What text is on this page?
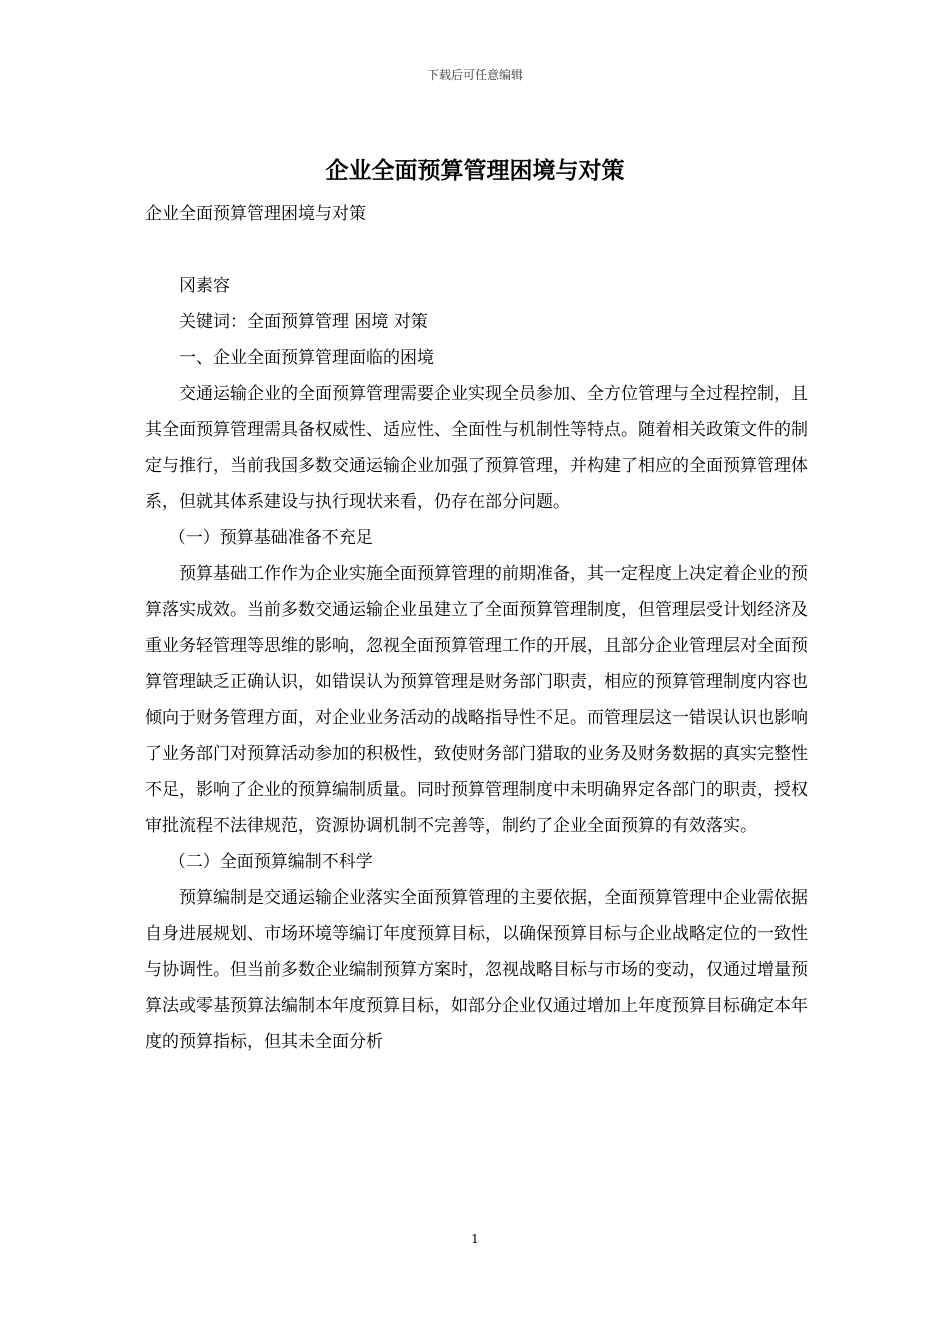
下载后可任意编辑
企业全面预算管理困境与对策

企业全面预算管理困境与对策

冈素容

关键词：全面预算管理 困境 对策

一、企业全面预算管理面临的困境

交通运输企业的全面预算管理需要企业实现全员参加、全方位管理与全过程控制，且其全面预算管理需具备权威性、适应性、全面性与机制性等特点。随着相关政策文件的制定与推行，当前我国多数交通运输企业加强了预算管理，并构建了相应的全面预算管理体系，但就其体系建设与执行现状来看，仍存在部分问题。

（一）预算基础准备不充足

预算基础工作作为企业实施全面预算管理的前期准备，其一定程度上决定着企业的预算落实成效。当前多数交通运输企业虽建立了全面预算管理制度，但管理层受计划经济及重业务轻管理等思维的影响，忽视全面预算管理工作的开展，且部分企业管理层对全面预算管理缺乏正确认识，如错误认为预算管理是财务部门职责，相应的预算管理制度内容也倾向于财务管理方面，对企业业务活动的战略指导性不足。而管理层这一错误认识也影响了业务部门对预算活动参加的积极性，致使财务部门猎取的业务及财务数据的真实完整性不足，影响了企业的预算编制质量。同时预算管理制度中未明确界定各部门的职责，授权审批流程不法律规范，资源协调机制不完善等，制约了企业全面预算的有效落实。

（二）全面预算编制不科学

预算编制是交通运输企业落实全面预算管理的主要依据，全面预算管理中企业需依据自身进展规划、市场环境等编订年度预算目标，以确保预算目标与企业战略定位的一致性与协调性。但当前多数企业编制预算方案时，忽视战略目标与市场的变动，仅通过增量预算法或零基预算法编制本年度预算目标，如部分企业仅通过增加上年度预算目标确定本年度的预算指标，但其未全面分析

1
